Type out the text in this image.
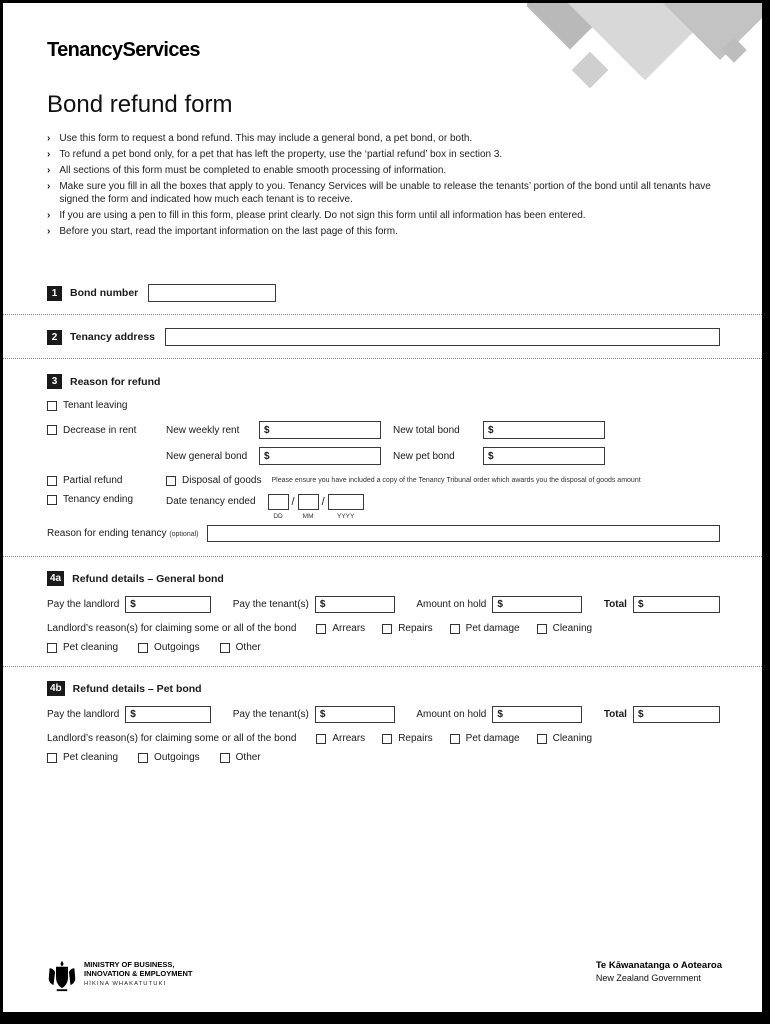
TenancyServices
Bond refund form
› Use this form to request a bond refund. This may include a general bond, a pet bond, or both.
› To refund a pet bond only, for a pet that has left the property, use the ‘partial refund’ box in section 3.
› All sections of this form must be completed to enable smooth processing of information.
› Make sure you fill in all the boxes that apply to you. Tenancy Services will be unable to release the tenants’ portion of the bond until all tenants have signed the form and indicated how much each tenant is to receive.
› If you are using a pen to fill in this form, please print clearly. Do not sign this form until all information has been entered.
› Before you start, read the important information on the last page of this form.
1	Bond number
2	Tenancy address
3	Reason for refund
Tenant leaving
Decrease in rent	New weekly rent	$	New total bond	$
New general bond	$	New pet bond	$
Partial refund	Disposal of goods Please ensure you have included a copy of the Tenancy Tribunal order which awards you the disposal of goods amount
Tenancy ending	Date tenancy ended
DD
/
MM
/
YYYY
Reason for ending tenancy (optional)
4a Refund details – General bond
Pay the landlord	$	Pay the tenant(s)	$	Amount on hold	$	Total	$
Landlord’s reason(s) for claiming some or all of the bond	Arrears	Repairs	Pet damage	Cleaning
Pet cleaning	Outgoings	Other
4b Refund details – Pet bond
Pay the landlord	$	Pay the tenant(s)	$	Amount on hold	$	Total	$
Landlord’s reason(s) for claiming some or all of the bond	Arrears	Repairs	Pet damage	Cleaning
Pet cleaning	Outgoings	Other
MINISTRY OF BUSINESS,
INNOVATION & EMPLOYMENT
HĪKINA WHAKATUTUKI
Te Kāwanatanga o Aotearoa
New Zealand Government
